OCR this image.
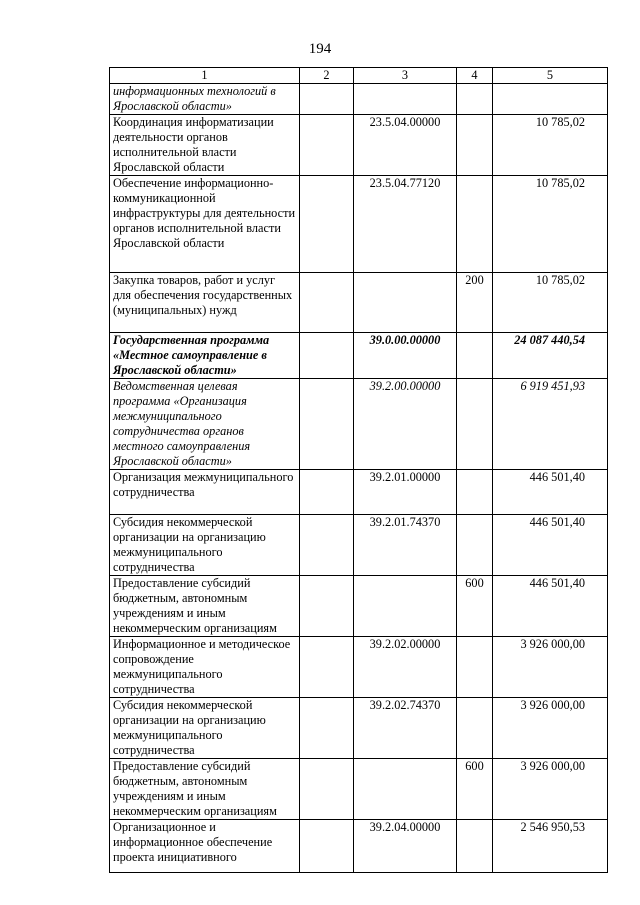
194
1	2	3	4	5
информационных технологий в Ярославской области»				
Координация информатизации деятельности органов исполнительной власти Ярославской области		23.5.04.00000		10 785,02
Обеспечение информационно-коммуникационной инфраструктуры для деятельности органов исполнительной власти Ярославской области		23.5.04.77120		10 785,02
Закупка товаров, работ и услуг для обеспечения государственных (муниципальных) нужд			200	10 785,02
Государственная программа «Местное самоуправление в Ярославской области»		39.0.00.00000		24 087 440,54
Ведомственная целевая программа «Организация межмуниципального сотрудничества органов местного самоуправления Ярославской области»		39.2.00.00000		6 919 451,93
Организация межмуниципального сотрудничества		39.2.01.00000		446 501,40
Субсидия некоммерческой организации на организацию межмуниципального сотрудничества		39.2.01.74370		446 501,40
Предоставление субсидий бюджетным, автономным учреждениям и иным некоммерческим организациям			600	446 501,40
Информационное и методическое сопровождение межмуниципального сотрудничества		39.2.02.00000		3 926 000,00
Субсидия некоммерческой организации на организацию межмуниципального сотрудничества		39.2.02.74370		3 926 000,00
Предоставление субсидий бюджетным, автономным учреждениям и иным некоммерческим организациям			600	3 926 000,00
Организационное и информационное обеспечение проекта инициативного		39.2.04.00000		2 546 950,53
